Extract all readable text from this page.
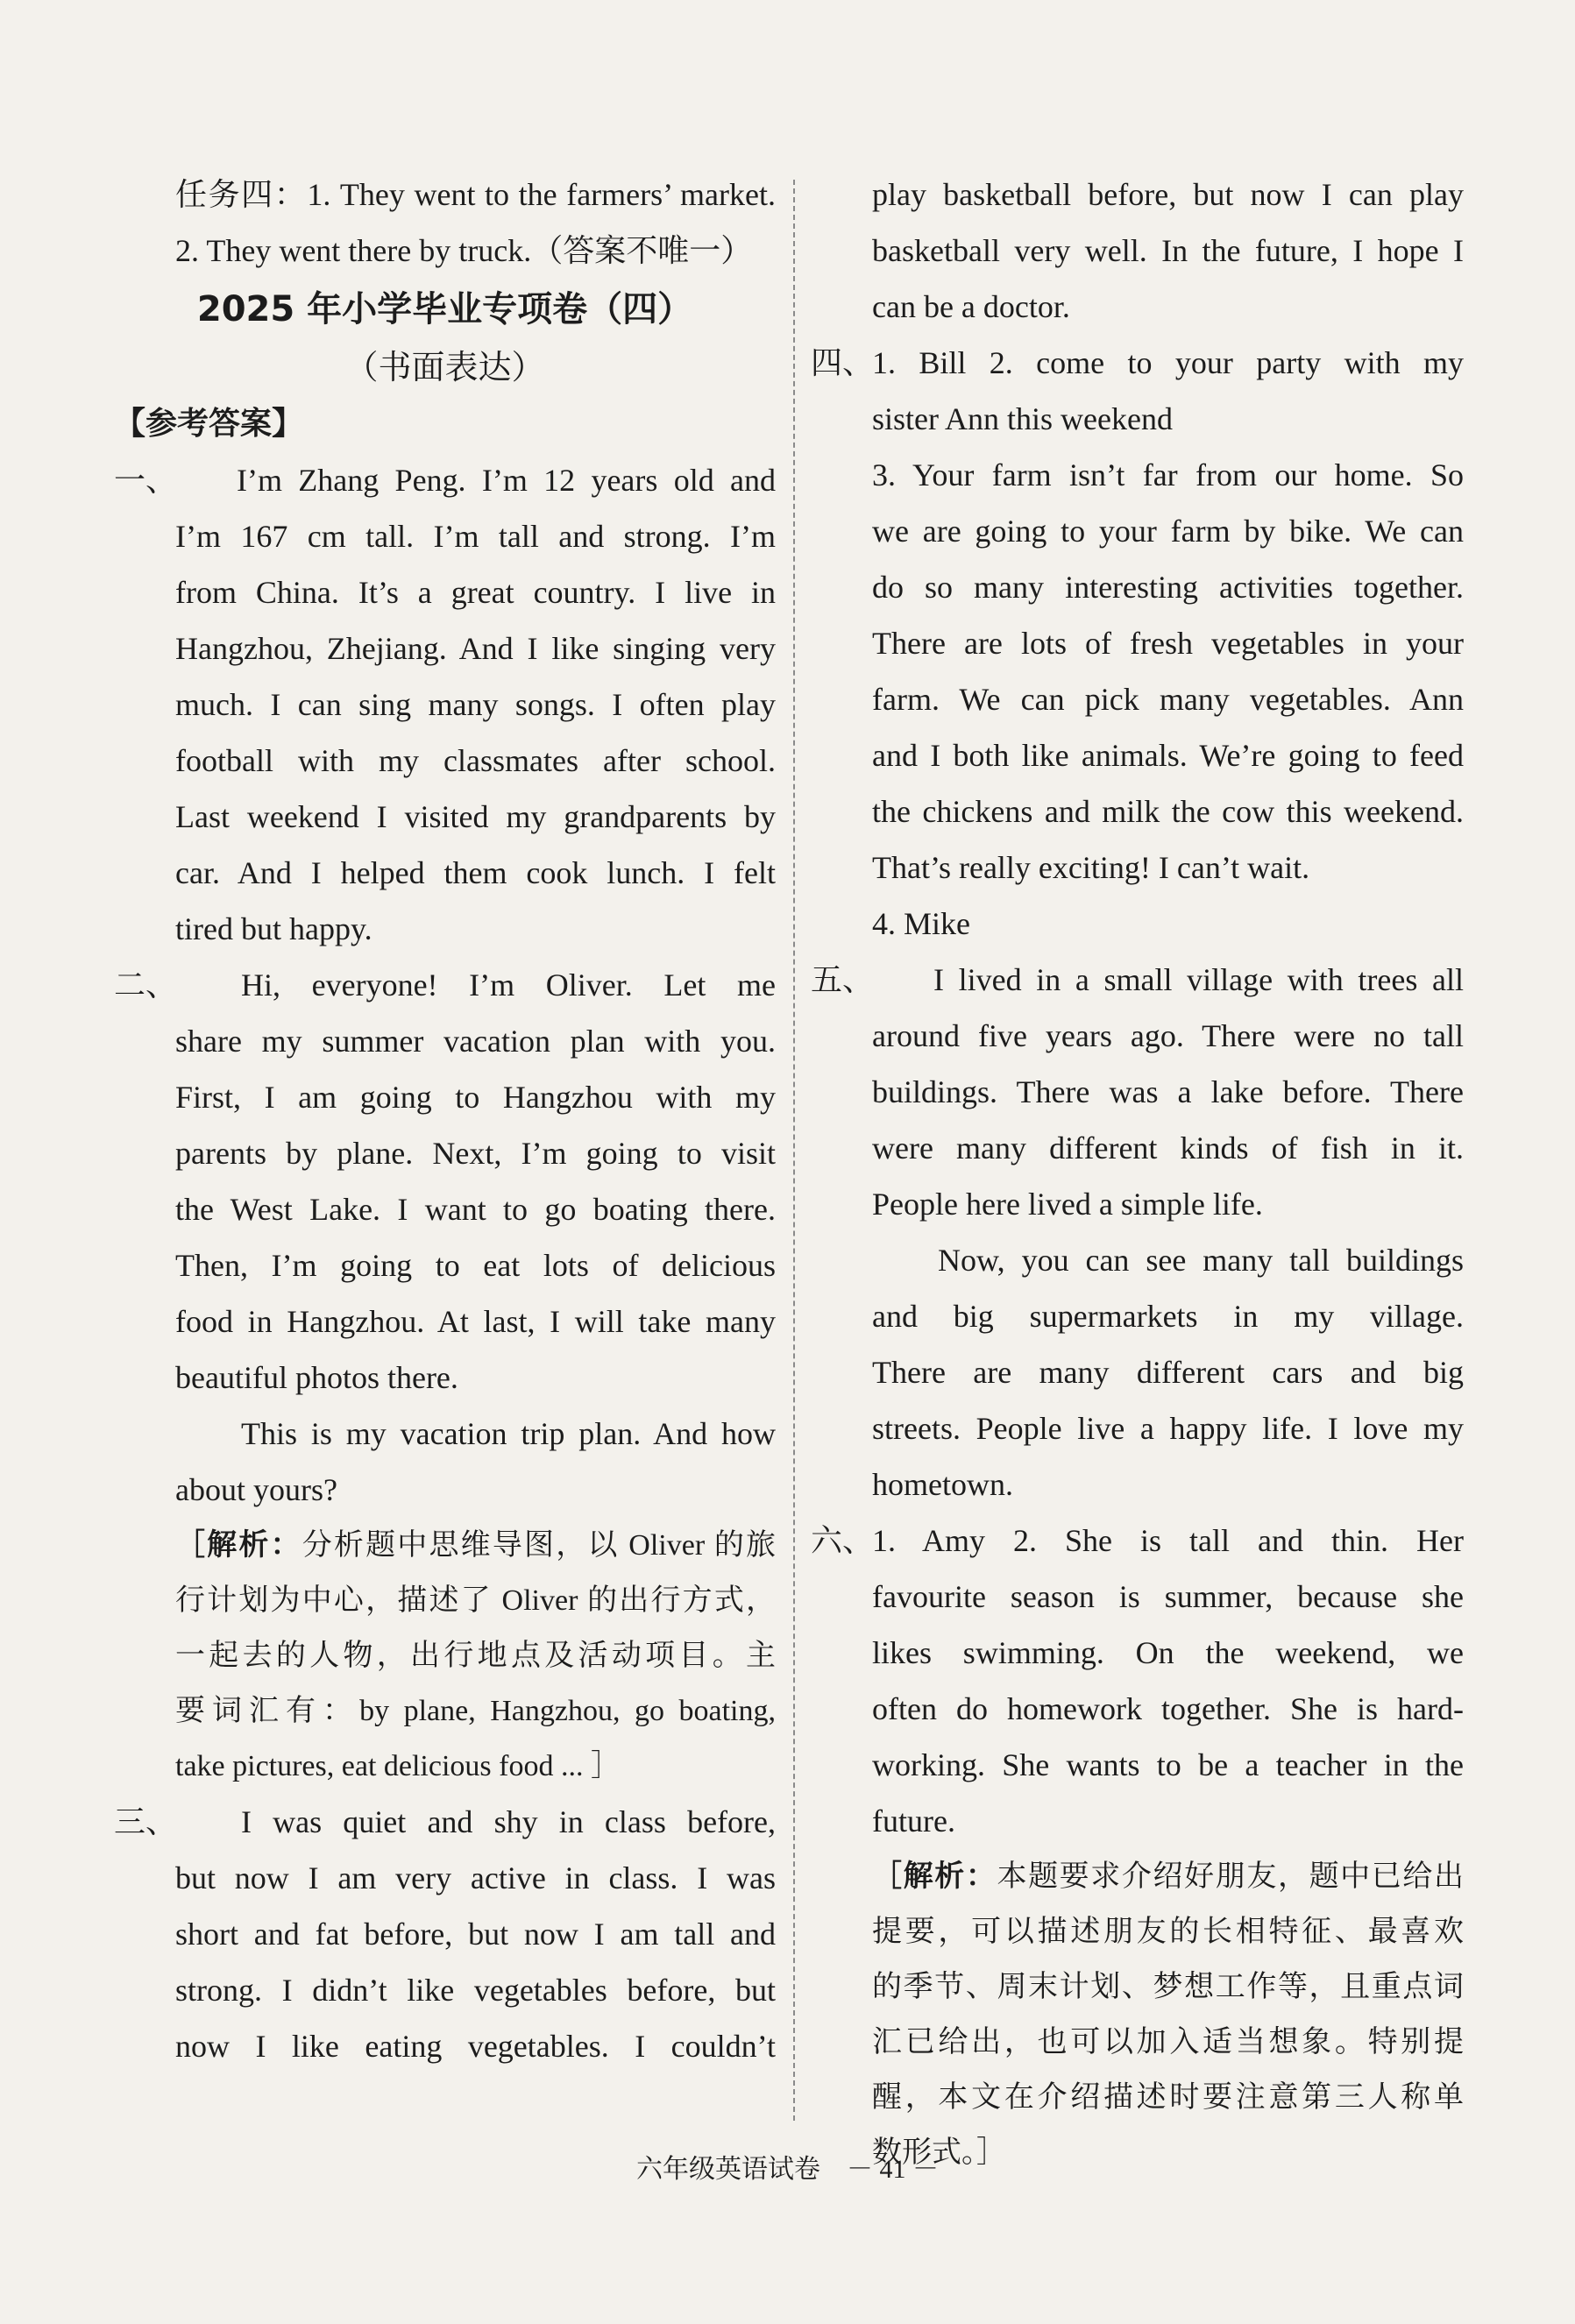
任务四：1. They went to the farmers’ market.
2. They went there by truck.（答案不唯一）
2025 年小学毕业专项卷（四）
（书面表达）
【参考答案】
一、 I’m Zhang Peng. I’m 12 years old and
I’m 167 cm tall. I’m tall and strong. I’m
from China. It’s a great country. I live in
Hangzhou, Zhejiang. And I like singing very
much. I can sing many songs. I often play
football with my classmates after school.
Last weekend I visited my grandparents by
car. And I helped them cook lunch. I felt
tired but happy.
二、 Hi, everyone! I’m Oliver. Let me
share my summer vacation plan with you.
First, I am going to Hangzhou with my
parents by plane. Next, I’m going to visit
the West Lake. I want to go boating there.
Then, I’m going to eat lots of delicious
food in Hangzhou. At last, I will take many
beautiful photos there.
This is my vacation trip plan. And how
about yours?
［解析：分析题中思维导图，以 Oliver 的旅
行计划为中心，描述了 Oliver 的出行方式，
一起去的人物，出行地点及活动项目。主
要词汇有：by plane, Hangzhou, go boating,
take pictures, eat delicious food ... ］
三、 I was quiet and shy in class before,
but now I am very active in class. I was
short and fat before, but now I am tall and
strong. I didn’t like vegetables before, but
now I like eating vegetables. I couldn’t
play basketball before, but now I can play
basketball very well. In the future, I hope I
can be a doctor.
四、1. Bill 2. come to your party with my
sister Ann this weekend
3. Your farm isn’t far from our home. So
we are going to your farm by bike. We can
do so many interesting activities together.
There are lots of fresh vegetables in your
farm. We can pick many vegetables. Ann
and I both like animals. We’re going to feed
the chickens and milk the cow this weekend.
That’s really exciting! I can’t wait.
4. Mike
五、 I lived in a small village with trees all
around five years ago. There were no tall
buildings. There was a lake before. There
were many different kinds of fish in it.
People here lived a simple life.
Now, you can see many tall buildings
and big supermarkets in my village.
There are many different cars and big
streets. People live a happy life. I love my
hometown.
六、1. Amy 2. She is tall and thin. Her
favourite season is summer, because she
likes swimming. On the weekend, we
often do homework together. She is hard-
working. She wants to be a teacher in the
future.
［解析：本题要求介绍好朋友，题中已给出
提要，可以描述朋友的长相特征、最喜欢
的季节、周末计划、梦想工作等，且重点词
汇已给出，也可以加入适当想象。特别提
醒，本文在介绍描述时要注意第三人称单
数形式。］
六年级英语试卷　－ 41 －
